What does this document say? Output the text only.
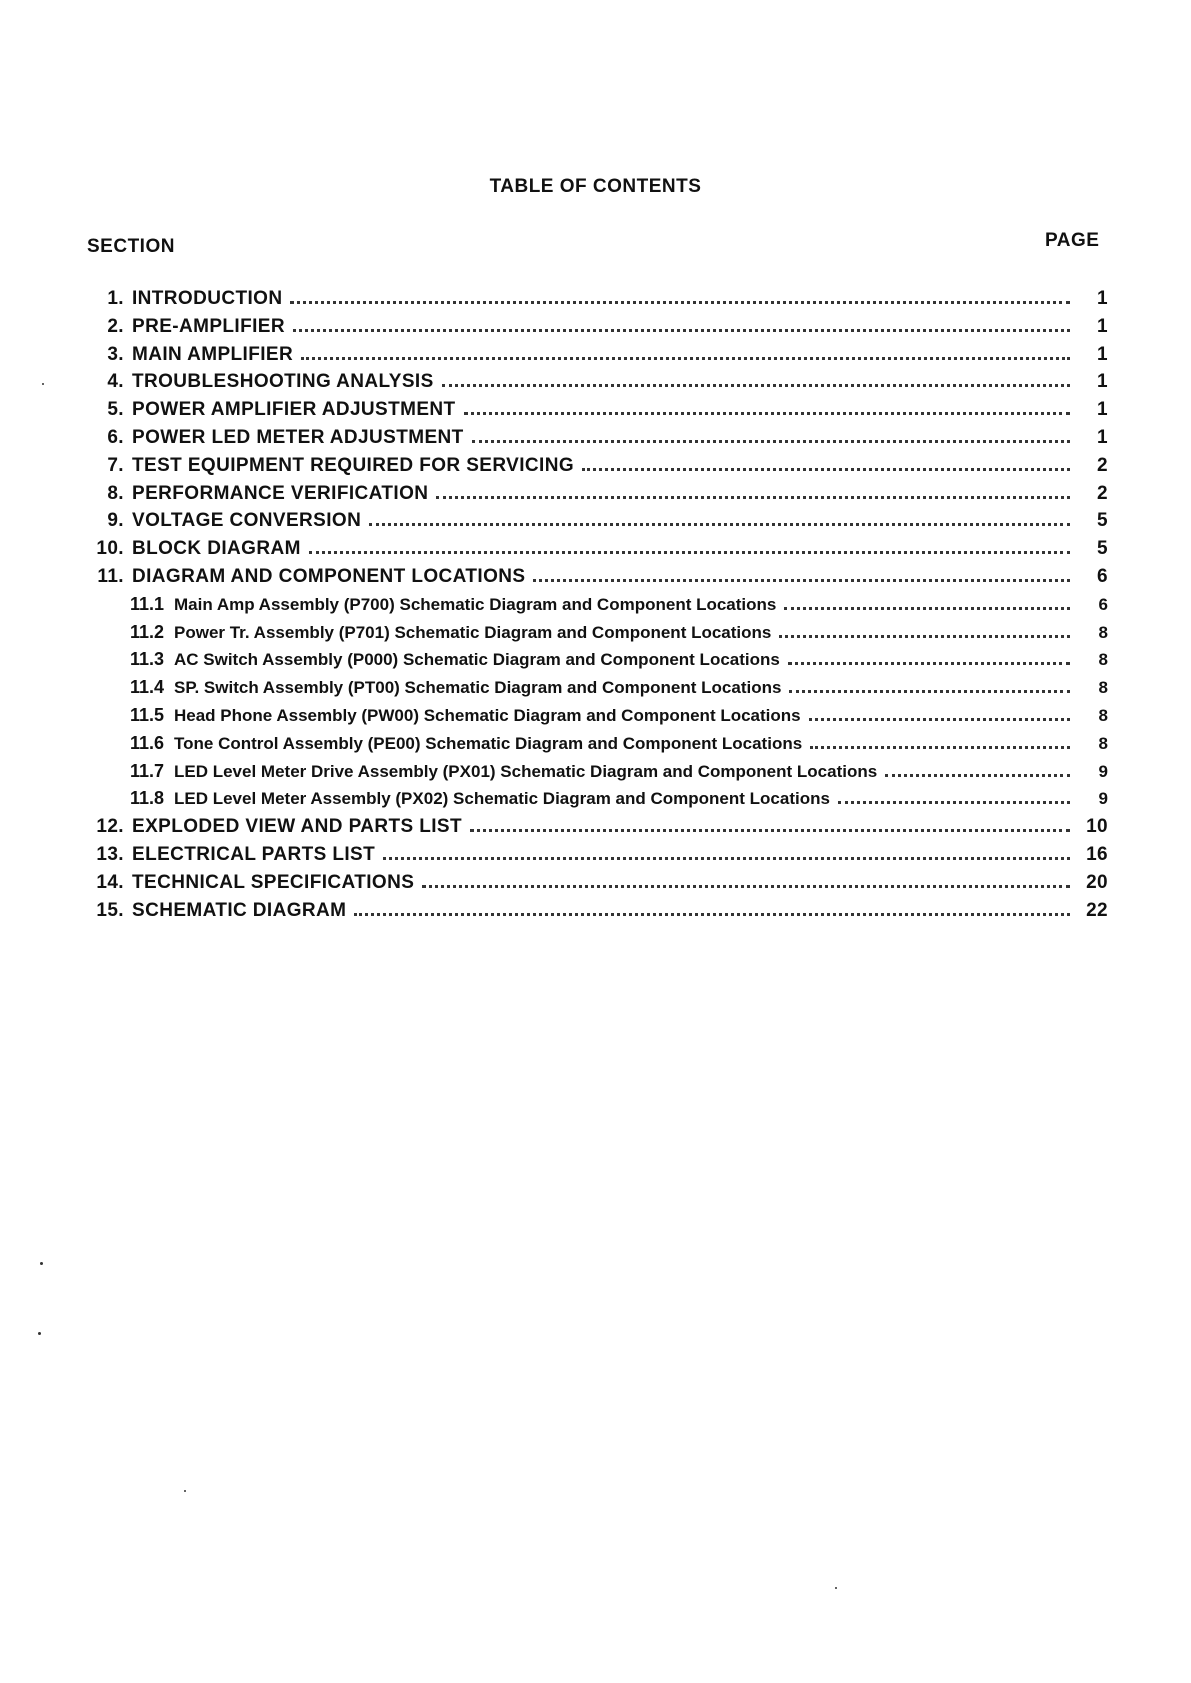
TABLE OF CONTENTS
SECTION	PAGE
1. INTRODUCTION	1
2. PRE-AMPLIFIER	1
3. MAIN AMPLIFIER	1
4. TROUBLESHOOTING ANALYSIS	1
5. POWER AMPLIFIER ADJUSTMENT	1
6. POWER LED METER ADJUSTMENT	1
7. TEST EQUIPMENT REQUIRED FOR SERVICING	2
8. PERFORMANCE VERIFICATION	2
9. VOLTAGE CONVERSION	5
10. BLOCK DIAGRAM	5
11. DIAGRAM AND COMPONENT LOCATIONS	6
11.1 Main Amp Assembly (P700) Schematic Diagram and Component Locations	6
11.2 Power Tr. Assembly (P701) Schematic Diagram and Component Locations	8
11.3 AC Switch Assembly (P000) Schematic Diagram and Component Locations	8
11.4 SP. Switch Assembly (PT00) Schematic Diagram and Component Locations	8
11.5 Head Phone Assembly (PW00) Schematic Diagram and Component Locations	8
11.6 Tone Control Assembly (PE00) Schematic Diagram and Component Locations	8
11.7 LED Level Meter Drive Assembly (PX01) Schematic Diagram and Component Locations	9
11.8 LED Level Meter Assembly (PX02) Schematic Diagram and Component Locations	9
12. EXPLODED VIEW AND PARTS LIST	10
13. ELECTRICAL PARTS LIST	16
14. TECHNICAL SPECIFICATIONS	20
15. SCHEMATIC DIAGRAM	22
